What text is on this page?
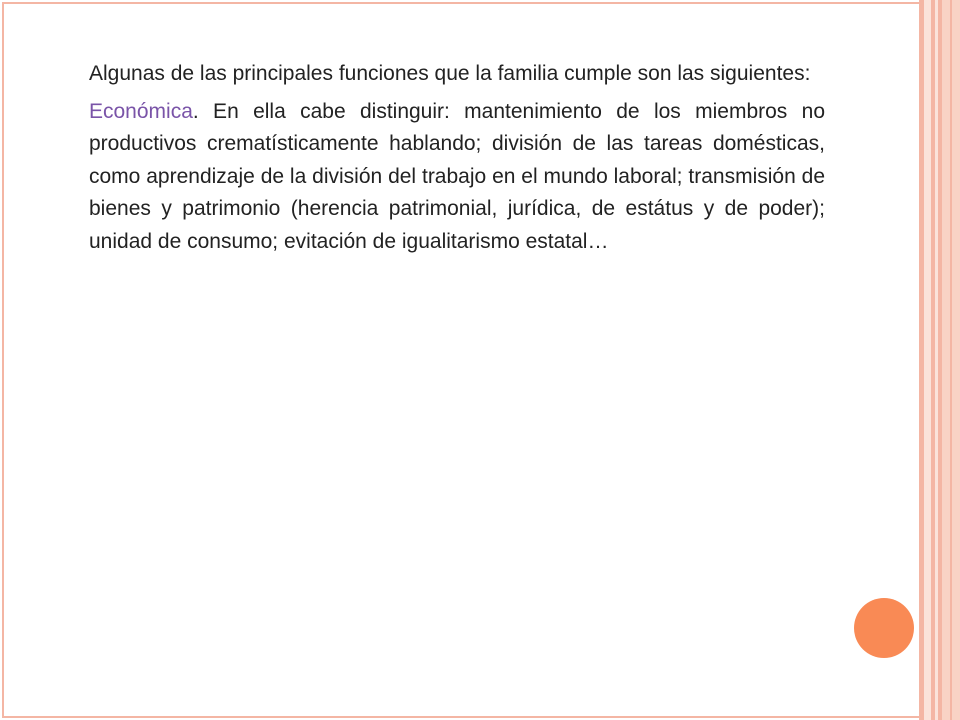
Algunas de las principales funciones que la familia cumple son las siguientes:

Económica. En ella cabe distinguir: mantenimiento de los miembros no productivos crematísticamente hablando; división de las tareas domésticas, como aprendizaje de la división del trabajo en el mundo laboral; transmisión de bienes y patrimonio (herencia patrimonial, jurídica, de estátus y de poder); unidad de consumo; evitación de igualitarismo estatal…
